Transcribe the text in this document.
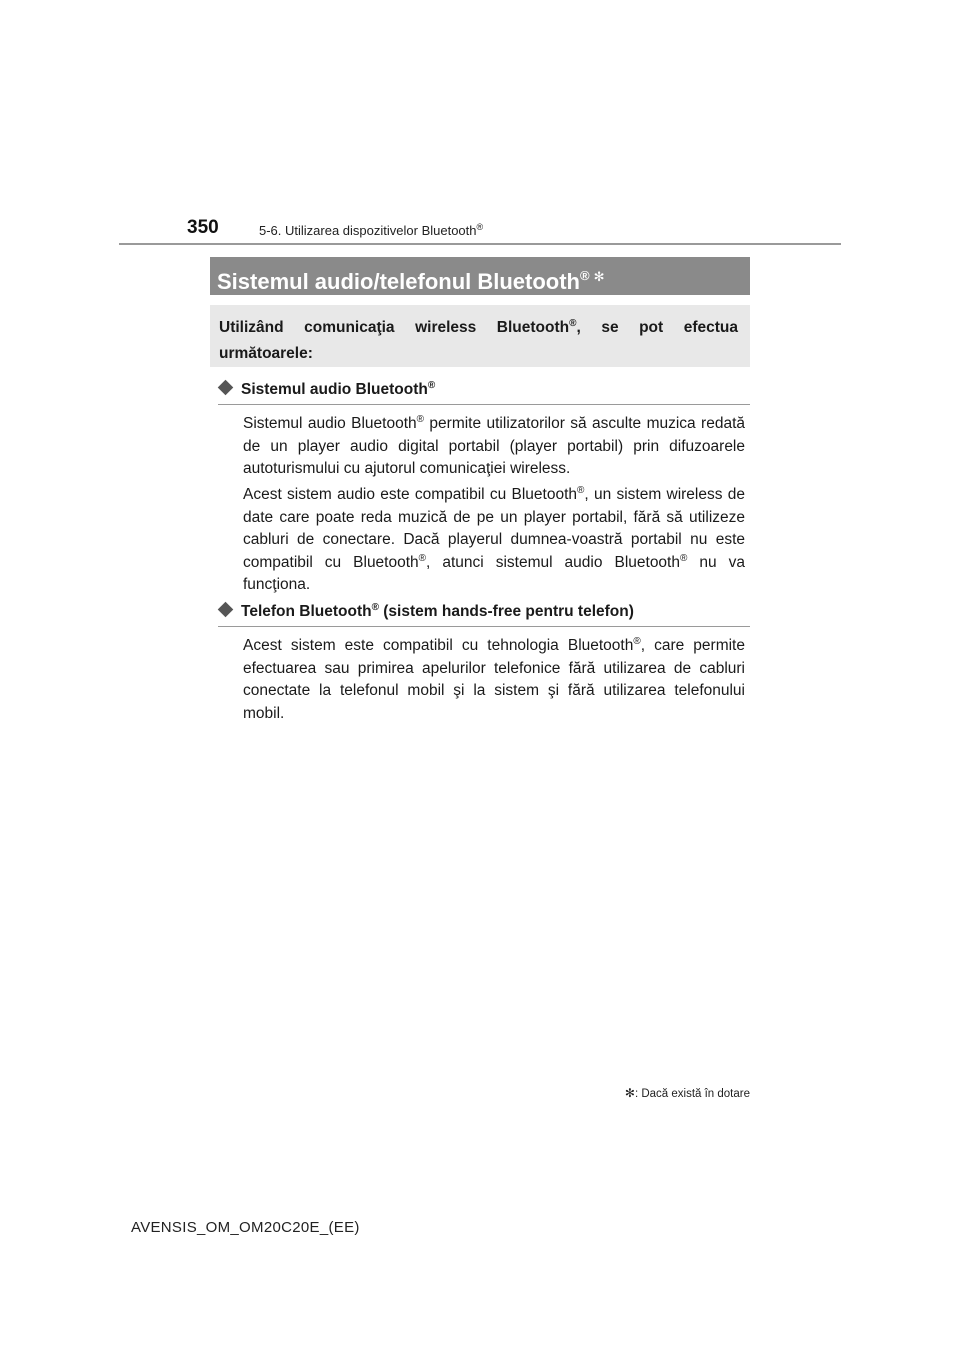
350	5-6. Utilizarea dispozitivelor Bluetooth®
Sistemul audio/telefonul Bluetooth® ✻
Utilizând comunicaţia wireless Bluetooth®, se pot efectua următoarele:
Sistemul audio Bluetooth®
Sistemul audio Bluetooth® permite utilizatorilor să asculte muzica redată de un player audio digital portabil (player portabil) prin difuzoarele autoturismului cu ajutorul comunicaţiei wireless.
Acest sistem audio este compatibil cu Bluetooth®, un sistem wireless de date care poate reda muzică de pe un player portabil, fără să utilizeze cabluri de conectare. Dacă playerul dumnea-voastră portabil nu este compatibil cu Bluetooth®, atunci sistemul audio Bluetooth® nu va funcţiona.
Telefon Bluetooth® (sistem hands-free pentru telefon)
Acest sistem este compatibil cu tehnologia Bluetooth®, care permite efectuarea sau primirea apelurilor telefonice fără utilizarea de cabluri conectate la telefonul mobil şi la sistem şi fără utilizarea telefonului mobil.
✻: Dacă există în dotare
AVENSIS_OM_OM20C20E_(EE)
